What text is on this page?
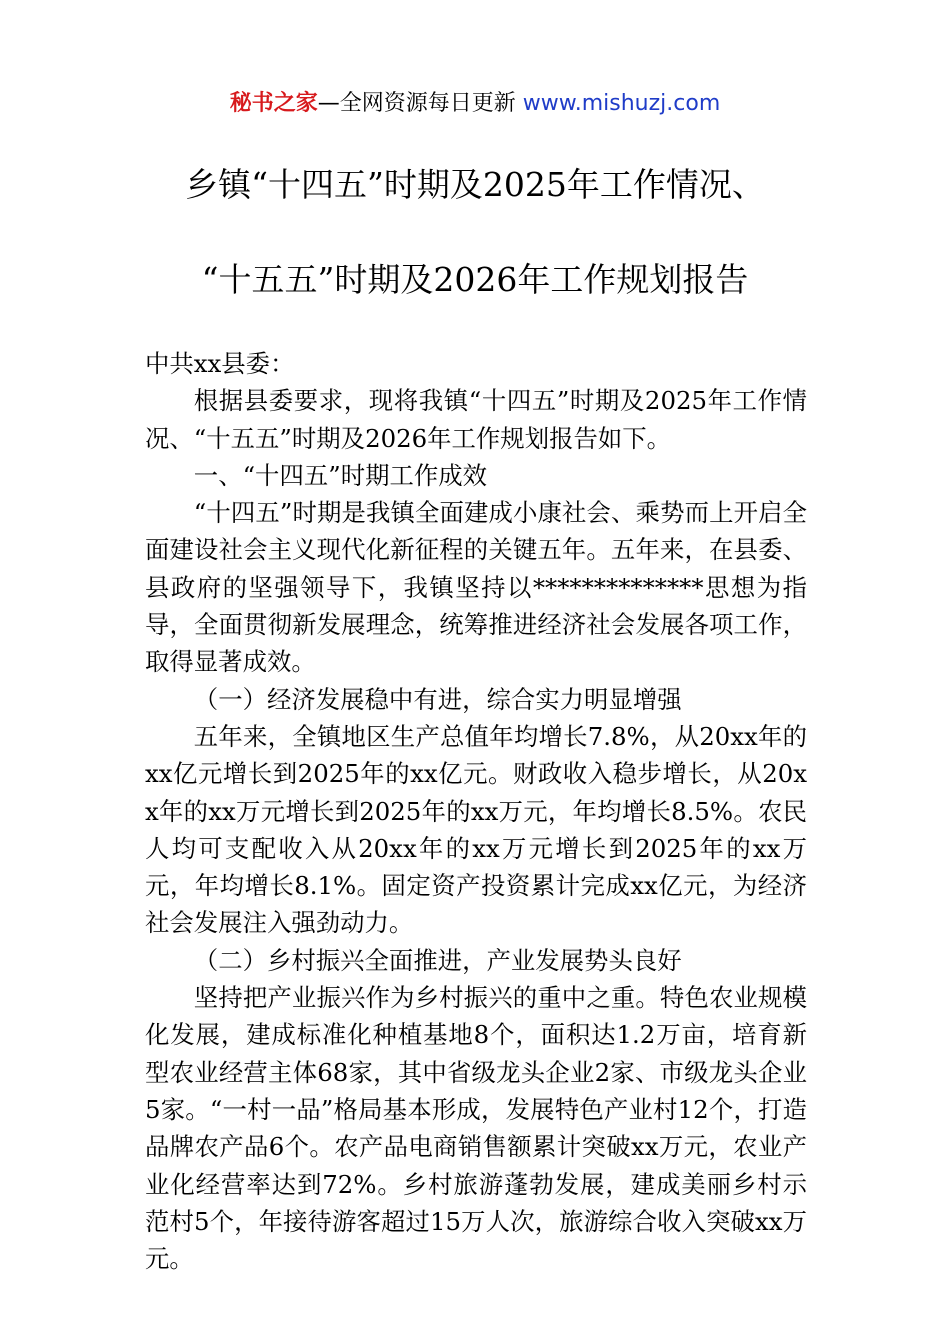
秘书之家—全网资源每日更新 www.mishuzj.com
乡镇“十四五”时期及2025年工作情况、
“十五五”时期及2026年工作规划报告

中共xx县委：

根据县委要求，现将我镇“十四五”时期及2025年工作情况、“十五五”时期及2026年工作规划报告如下。

一、“十四五”时期工作成效

“十四五”时期是我镇全面建成小康社会、乘势而上开启全面建设社会主义现代化新征程的关键五年。五年来，在县委、县政府的坚强领导下，我镇坚持以**************思想为指导，全面贯彻新发展理念，统筹推进经济社会发展各项工作，取得显著成效。

（一）经济发展稳中有进，综合实力明显增强

五年来，全镇地区生产总值年均增长7.8%，从20xx年的xx亿元增长到2025年的xx亿元。财政收入稳步增长，从20xx年的xx万元增长到2025年的xx万元，年均增长8.5%。农民人均可支配收入从20xx年的xx万元增长到2025年的xx万元，年均增长8.1%。固定资产投资累计完成xx亿元，为经济社会发展注入强劲动力。

（二）乡村振兴全面推进，产业发展势头良好

坚持把产业振兴作为乡村振兴的重中之重。特色农业规模化发展，建成标准化种植基地8个，面积达1.2万亩，培育新型农业经营主体68家，其中省级龙头企业2家、市级龙头企业5家。“一村一品”格局基本形成，发展特色产业村12个，打造品牌农产品6个。农产品电商销售额累计突破xx万元，农业产业化经营率达到72%。乡村旅游蓬勃发展，建成美丽乡村示范村5个，年接待游客超过15万人次，旅游综合收入突破xx万元。
